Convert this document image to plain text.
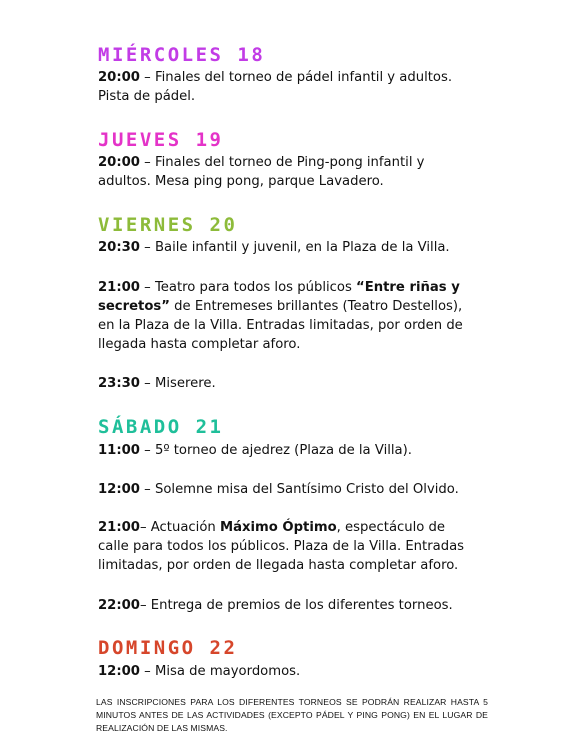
MIÉRCOLES 18

20:00 – Finales del torneo de pádel infantil y adultos. Pista de pádel.

JUEVES 19

20:00 – Finales del torneo de Ping-pong infantil y adultos. Mesa ping pong, parque Lavadero.

VIERNES 20

20:30 – Baile infantil y juvenil, en la Plaza de la Villa.

21:00 – Teatro para todos los públicos “Entre riñas y secretos” de Entremeses brillantes (Teatro Destellos), en la Plaza de la Villa. Entradas limitadas, por orden de llegada hasta completar aforo.

23:30 – Miserere.

SÁBADO 21

11:00 – 5º torneo de ajedrez (Plaza de la Villa).

12:00 – Solemne misa del Santísimo Cristo del Olvido.

21:00– Actuación Máximo Óptimo, espectáculo de calle para todos los públicos. Plaza de la Villa. Entradas limitadas, por orden de llegada hasta completar aforo.

22:00– Entrega de premios de los diferentes torneos.

DOMINGO 22

12:00 – Misa de mayordomos.

LAS INSCRIPCIONES PARA LOS DIFERENTES TORNEOS SE PODRÁN REALIZAR HASTA 5 MINUTOS ANTES DE LAS ACTIVIDADES (EXCEPTO PÁDEL Y PING PONG) EN EL LUGAR DE REALIZACIÓN DE LAS MISMAS.
